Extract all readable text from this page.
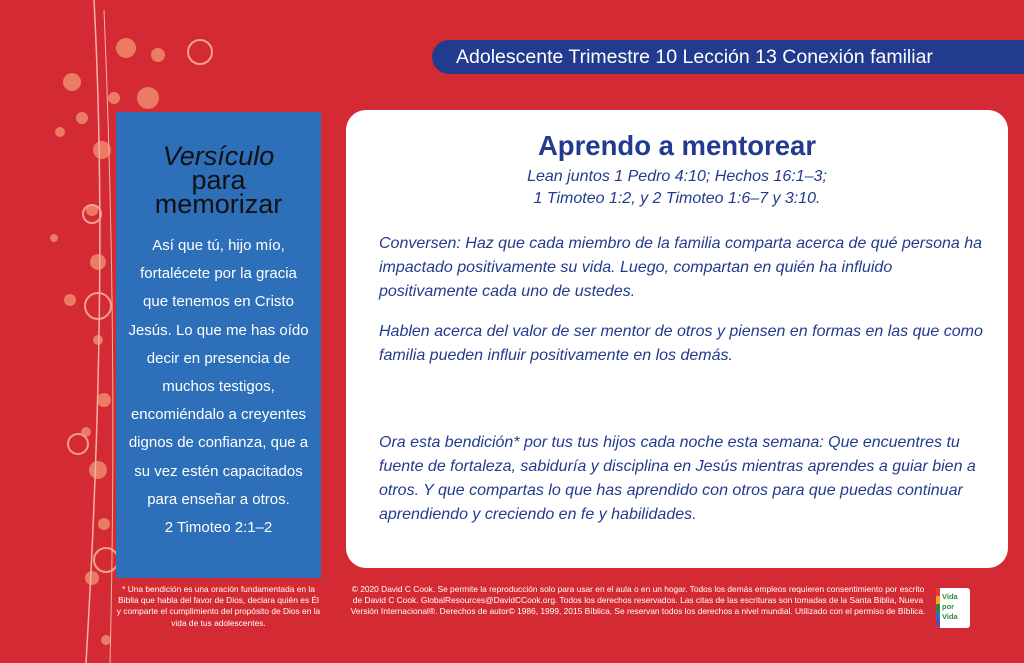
Adolescente Trimestre 10 Lección 13 Conexión familiar
Versículo
para
memorizar
Así que tú, hijo mío, fortalécete por la gracia que tenemos en Cristo Jesús. Lo que me has oído decir en presencia de muchos testigos, encomiéndalo a creyentes dignos de confianza, que a su vez estén capacitados para enseñar a otros.
2 Timoteo 2:1–2
Aprendo a mentorear
Lean juntos 1 Pedro 4:10; Hechos 16:1–3;
1 Timoteo 1:2, y 2 Timoteo 1:6–7 y 3:10.
Conversen: Haz que cada miembro de la familia comparta acerca de qué persona ha impactado positivamente su vida. Luego, compartan en quién ha influido positivamente cada uno de ustedes.
Hablen acerca del valor de ser mentor de otros y piensen en formas en las que como familia pueden influir positivamente en los demás.
Ora esta bendición* por tus tus hijos cada noche esta semana: Que encuentres tu fuente de fortaleza, sabiduría y disciplina en Jesús mientras aprendes a guiar bien a otros. Y que compartas lo que has aprendido con otros para que puedas continuar aprendiendo y creciendo en fe y habilidades.
* Una bendición es una oración fundamentada en la Biblia que habla del favor de Dios, declara quién es Él y comparte el cumplimiento del propósito de Dios en la vida de tus adolescentes.
© 2020 David C Cook. Se permite la reproducción solo para usar en el aula o en un hogar. Todos los demás empleos requieren consentimiento por escrito de David C Cook. GlobalResources@DavidCCook.org. Todos los derechos reservados. Las citas de las escrituras son tomadas de la Santa Biblia, Nueva Versión Internacional®. Derechos de autor© 1986, 1999, 2015 Bíblica. Se reservan todos los derechos a nivel mundial. Utilizado con el permiso de Bíblica.
Vida
por
Vida
